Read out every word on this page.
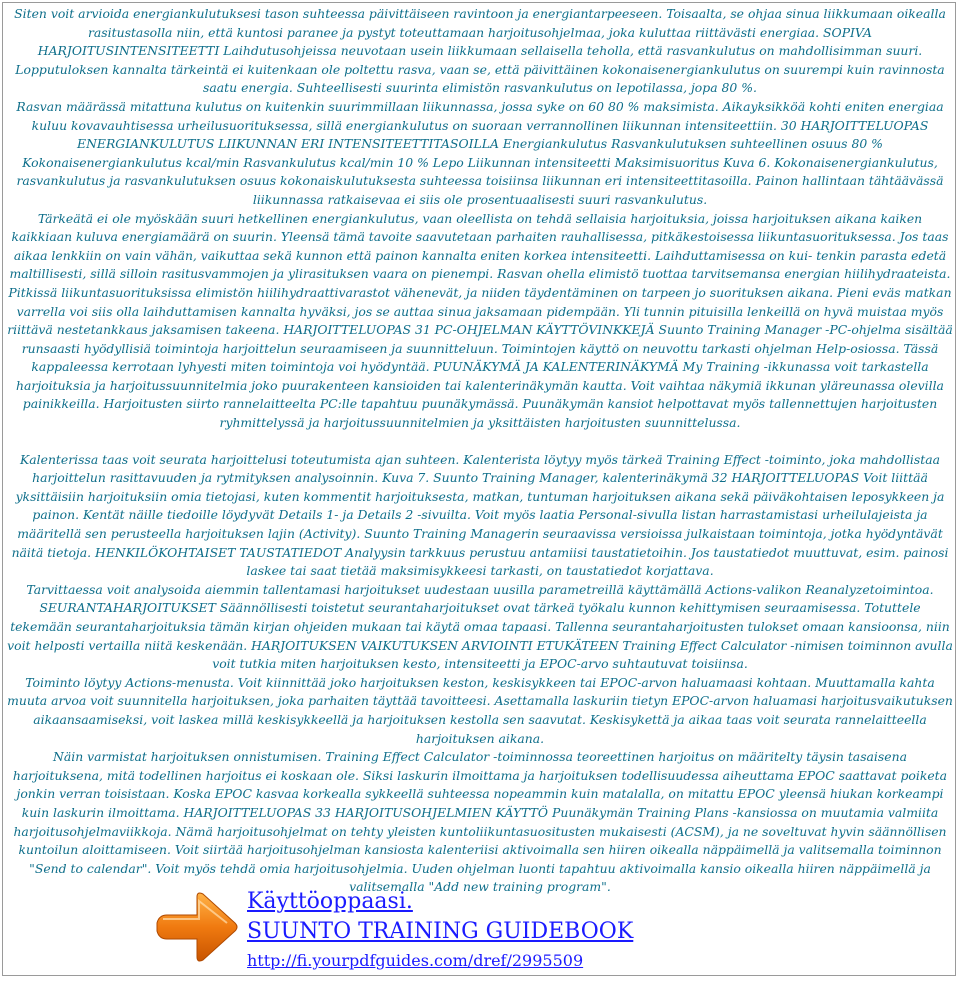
Siten voit arvioida energiankulutuksesi tason suhteessa päivittäiseen ravintoon ja energiantarpeeseen. Toisaalta, se ohjaa sinua liikkumaan oikealla rasitustasolla niin, että kuntosi paranee ja pystyt toteuttamaan harjoitusohjelmaa, joka kuluttaa riittävästi energiaa. SOPIVA HARJOITUSINTENSITEETTI Laihdutusohjeissa neuvotaan usein liikkumaan sellaisella teholla, että rasvankulutus on mahdollisimman suuri. Lopputuloksen kannalta tärkeintä ei kuitenkaan ole poltettu rasva, vaan se, että päivittäinen kokonaisenergiankulutus on suurempi kuin ravinnosta saatu energia. Suhteellisesti suurinta elimistön rasvankulutus on lepotilassa, jopa 80 %.

Rasvan määrässä mitattuna kulutus on kuitenkin suurimmillaan liikunnassa, jossa syke on 60 80 % maksimista. Aikayksikköä kohti eniten energiaa kuluu kovavauhtisessa urheilusuorituksessa, sillä energiankulutus on suoraan verrannollinen liikunnan intensiteettiin. 30 HARJOITTELUOPAS ENERGIANKULUTUS LIIKUNNAN ERI INTENSITEETTITASOILLA Energiankulutus Rasvankulutuksen suhteellinen osuus 80 % Kokonaisenergiankulutus kcal/min Rasvankulutus kcal/min 10 % Lepo Liikunnan intensiteetti Maksimisuoritus Kuva 6. Kokonaisenergiankulutus, rasvankulutus ja rasvankulutuksen osuus kokonaiskulutuksesta suhteessa toisiinsa liikunnan eri intensiteettitasoilla. Painon hallintaan tähtäävässä liikunnassa ratkaisevaa ei siis ole prosentuaalisesti suuri rasvankulutus.

Tärkeätä ei ole myöskään suuri hetkellinen energiankulutus, vaan oleellista on tehdä sellaisia harjoituksia, joissa harjoituksen aikana kaiken kaikkiaan kuluva energiamäärä on suurin. Yleensä tämä tavoite saavutetaan parhaiten rauhallisessa, pitkäkestoisessa liikuntasuorituksessa. Jos taas aikaa lenkkiin on vain vähän, vaikuttaa sekä kunnon että painon kannalta eniten korkea intensiteetti. Laihduttamisessa on kui- tenkin parasta edetä maltillisesti, sillä silloin rasitusvammojen ja ylirasituksen vaara on pienempi. Rasvan ohella elimistö tuottaa tarvitsemansa energian hiilihydraateista.

Pitkissä liikuntasuorituksissa elimistön hiilihydraattivarastot vähenevät, ja niiden täydentäminen on tarpeen jo suorituksen aikana. Pieni eväs matkan varrella voi siis olla laihduttamisen kannalta hyväksi, jos se auttaa sinua jaksamaan pidempään. Yli tunnin pituisilla lenkeillä on hyvä muistaa myös riittävä nestetankkaus jaksamisen takeena. HARJOITTELUOPAS 31 PC-OHJELMAN KÄYTTÖVINKKEJÄ Suunto Training Manager -PC-ohjelma sisältää runsaasti hyödyllisiä toimintoja harjoittelun seuraamiseen ja suunnitteluun. Toimintojen käyttö on neuvottu tarkasti ohjelman Help-osiossa. Tässä kappaleessa kerrotaan lyhyesti miten toimintoja voi hyödyntää. PUUNÄKYMÄ JA KALENTERINÄKYMÄ My Training -ikkunassa voit tarkastella harjoituksia ja harjoitussuunnitelmia joko puurakenteen kansioiden tai kalenterinäkymän kautta. Voit vaihtaa näkymiä ikkunan yläreunassa olevilla painikkeilla. Harjoitusten siirto rannelaitteelta PC:lle tapahtuu puunäkymässä. Puunäkymän kansiot helpottavat myös tallennettujen harjoitusten ryhmittelyssä ja harjoitussuunnitelmien ja yksittäisten harjoitusten suunnittelussa.

Kalenterissa taas voit seurata harjoittelusi toteutumista ajan suhteen. Kalenterista löytyy myös tärkeä Training Effect -toiminto, joka mahdollistaa harjoittelun rasittavuuden ja rytmityksen analysoinnin. Kuva 7. Suunto Training Manager, kalenterinäkymä 32 HARJOITTELUOPAS Voit liittää yksittäisiin harjoituksiin omia tietojasi, kuten kommentit harjoituksesta, matkan, tuntuman harjoituksen aikana sekä päiväkohtaisen leposykkeen ja painon. Kentät näille tiedoille löydyvät Details 1- ja Details 2 -sivuilta. Voit myös laatia Personal-sivulla listan harrastamistasi urheilulajeista ja määritellä sen perusteella harjoituksen lajin (Activity). Suunto Training Managerin seuraavissa versioissa julkaistaan toimintoja, jotka hyödyntävät näitä tietoja. HENKILÖKOHTAISET TAUSTATIEDOT Analyysin tarkkuus perustuu antamiisi taustatietoihin. Jos taustatiedot muuttuvat, esim. painosi laskee tai saat tietää maksimisykkeesi tarkasti, on taustatiedot korjattava.

Tarvittaessa voit analysoida aiemmin tallentamasi harjoitukset uudestaan uusilla parametreillä käyttämällä Actions-valikon Reanalyzetoimintoa. SEURANTAHARJOITUKSET Säännöllisesti toistetut seurantaharjoitukset ovat tärkeä työkalu kunnon kehittymisen seuraamisessa. Totuttele tekemään seurantaharjoituksia tämän kirjan ohjeiden mukaan tai käytä omaa tapaasi. Tallenna seurantaharjoitusten tulokset omaan kansioonsa, niin voit helposti vertailla niitä keskenään. HARJOITUKSEN VAIKUTUKSEN ARVIOINTI ETUKÄTEEN Training Effect Calculator -nimisen toiminnon avulla voit tutkia miten harjoituksen kesto, intensiteetti ja EPOC-arvo suhtautuvat toisiinsa.

Toiminto löytyy Actions-menusta. Voit kiinnittää joko harjoituksen keston, keskisykkeen tai EPOC-arvon haluamaasi kohtaan. Muuttamalla kahta muuta arvoa voit suunnitella harjoituksen, joka parhaiten täyttää tavoitteesi. Asettamalla laskuriin tietyn EPOC-arvon haluamasi harjoitusvaikutuksen aikaansaamiseksi, voit laskea millä keskisykkeellä ja harjoituksen kestolla sen saavutat. Keskisykettä ja aikaa taas voit seurata rannelaitteella harjoituksen aikana.

Näin varmistat harjoituksen onnistumisen. Training Effect Calculator -toiminnossa teoreettinen harjoitus on määritelty täysin tasaisena harjoituksena, mitä todellinen harjoitus ei koskaan ole. Siksi laskurin ilmoittama ja harjoituksen todellisuudessa aiheuttama EPOC saattavat poiketa jonkin verran toisistaan. Koska EPOC kasvaa korkealla sykkeellä suhteessa nopeammin kuin matalalla, on mitattu EPOC yleensä hiukan korkeampi kuin laskurin ilmoittama. HARJOITTELUOPAS 33 HARJOITUSOHJELMIEN KÄYTTÖ Puunäkymän Training Plans -kansiossa on muutamia valmiita harjoitusohjelmaviikkoja. Nämä harjoitusohjelmat on tehty yleisten kuntoliikuntasuositusten mukaisesti (ACSM), ja ne soveltuvat hyvin säännöllisen kuntoilun aloittamiseen. Voit siirtää harjoitusohjelman kansiosta kalenteriisi aktivoimalla sen hiiren oikealla näppäimellä ja valitsemalla toiminnon "Send to calendar". Voit myös tehdä omia harjoitusohjelmia. Uuden ohjelman luonti tapahtuu aktivoimalla kansio oikealla hiiren näppäimellä ja valitsemalla "Add new training program".

Käyttöoppaasi.
SUUNTO TRAINING GUIDEBOOK
http://fi.yourpdfguides.com/dref/2995509
